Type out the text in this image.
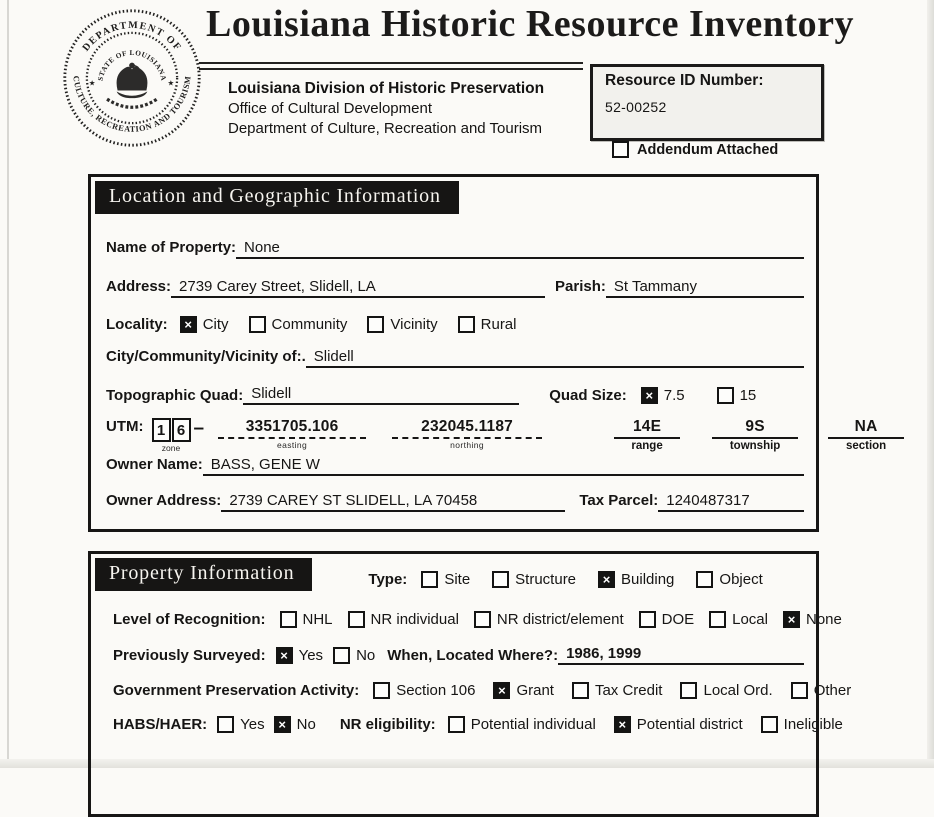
DEPARTMENT OF
CULTURE, RECREATION AND TOURISM
STATE OF LOUISIANA
★	★
Louisiana Historic Resource Inventory
Louisiana Division of Historic Preservation
Office of Cultural Development
Department of Culture, Recreation and Tourism
Resource ID Number:
52-00252
Addendum Attached
Location and Geographic Information
Name of Property: None
Address: 2739 Carey Street, Slidell, LA	Parish: St Tammany
Locality:	× City	Community	Vicinity	Rural
City/Community/Vicinity of:. Slidell
Topographic Quad: Slidell	Quad Size:	× 7.5	15
UTM: 1 6
zone
–	3351705.106
easting
232045.1187
northing
14E
range
9S
township
NA
section
Owner Name: BASS, GENE W
Owner Address: 2739 CAREY ST SLIDELL, LA 70458	Tax Parcel: 1240487317
Property Information	Type: Site	Structure	× Building	Object
Level of Recognition: NHL	NR individual	NR district/element	DOE	Local	× None
Previously Surveyed:	× Yes No When, Located Where?: 1986, 1999
Government Preservation Activity: Section 106	× Grant	Tax Credit	Local Ord.	Other
HABS/HAER: Yes	× No NR eligibility: Potential individual	× Potential district	Ineligible
